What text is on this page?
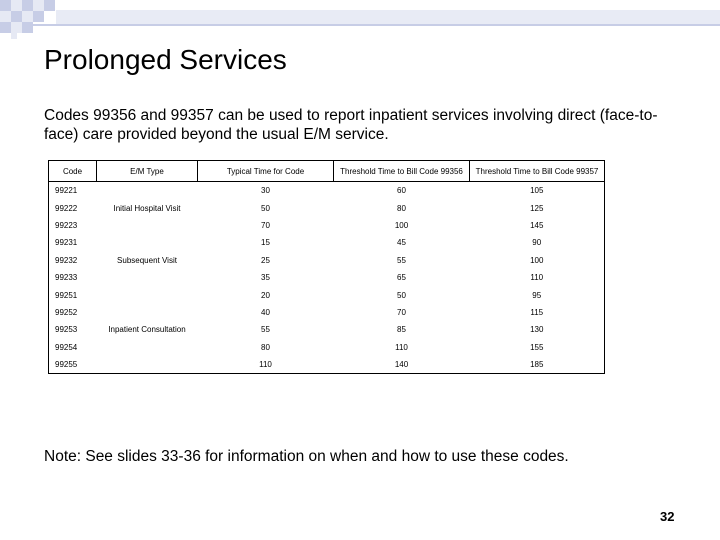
Prolonged Services

Codes 99356 and 99357 can be used to report inpatient services involving direct (face-to-face) care provided beyond the usual E/M service.

Code	E/M Type	Typical Time for Code	Threshold Time to Bill Code 99356	Threshold Time to Bill Code 99357
99221	Initial Hospital Visit	30	60	105
99222		50	80	125
99223		70	100	145
99231	Subsequent Visit	15	45	90
99232		25	55	100
99233		35	65	110
99251	Inpatient Consultation	20	50	95
99252		40	70	115
99253		55	85	130
99254		80	110	155
99255		110	140	185

Note: See slides 33-36 for information on when and how to use these codes.

32
